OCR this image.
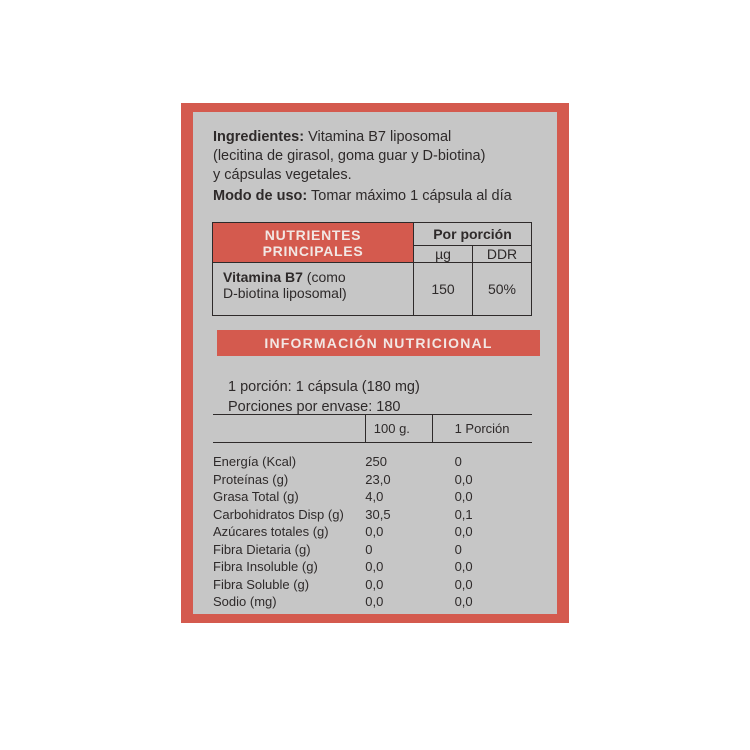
Ingredientes: Vitamina B7 liposomal

(lecitina de girasol, goma guar y D-biotina)

y cápsulas vegetales.

Modo de uso: Tomar máximo 1 cápsula al día

NUTRIENTES PRINCIPALES	Por porción	
	µg	DDR
Vitamina B7 (como
D-biotina liposomal)	150	50%
INFORMACIÓN NUTRICIONAL

1 porción: 1 cápsula (180 mg)

Porciones por envase: 180

	100 g.	1 Porción

Energía (Kcal)	250	0
Proteínas (g)	23,0	0,0
Grasa Total (g)	4,0	0,0
Carbohidratos Disp (g)	30,5	0,1
Azúcares totales (g)	0,0	0,0
Fibra Dietaria (g)	0	0
Fibra Insoluble (g)	0,0	0,0
Fibra Soluble (g)	0,0	0,0
Sodio (mg)	0,0	0,0
